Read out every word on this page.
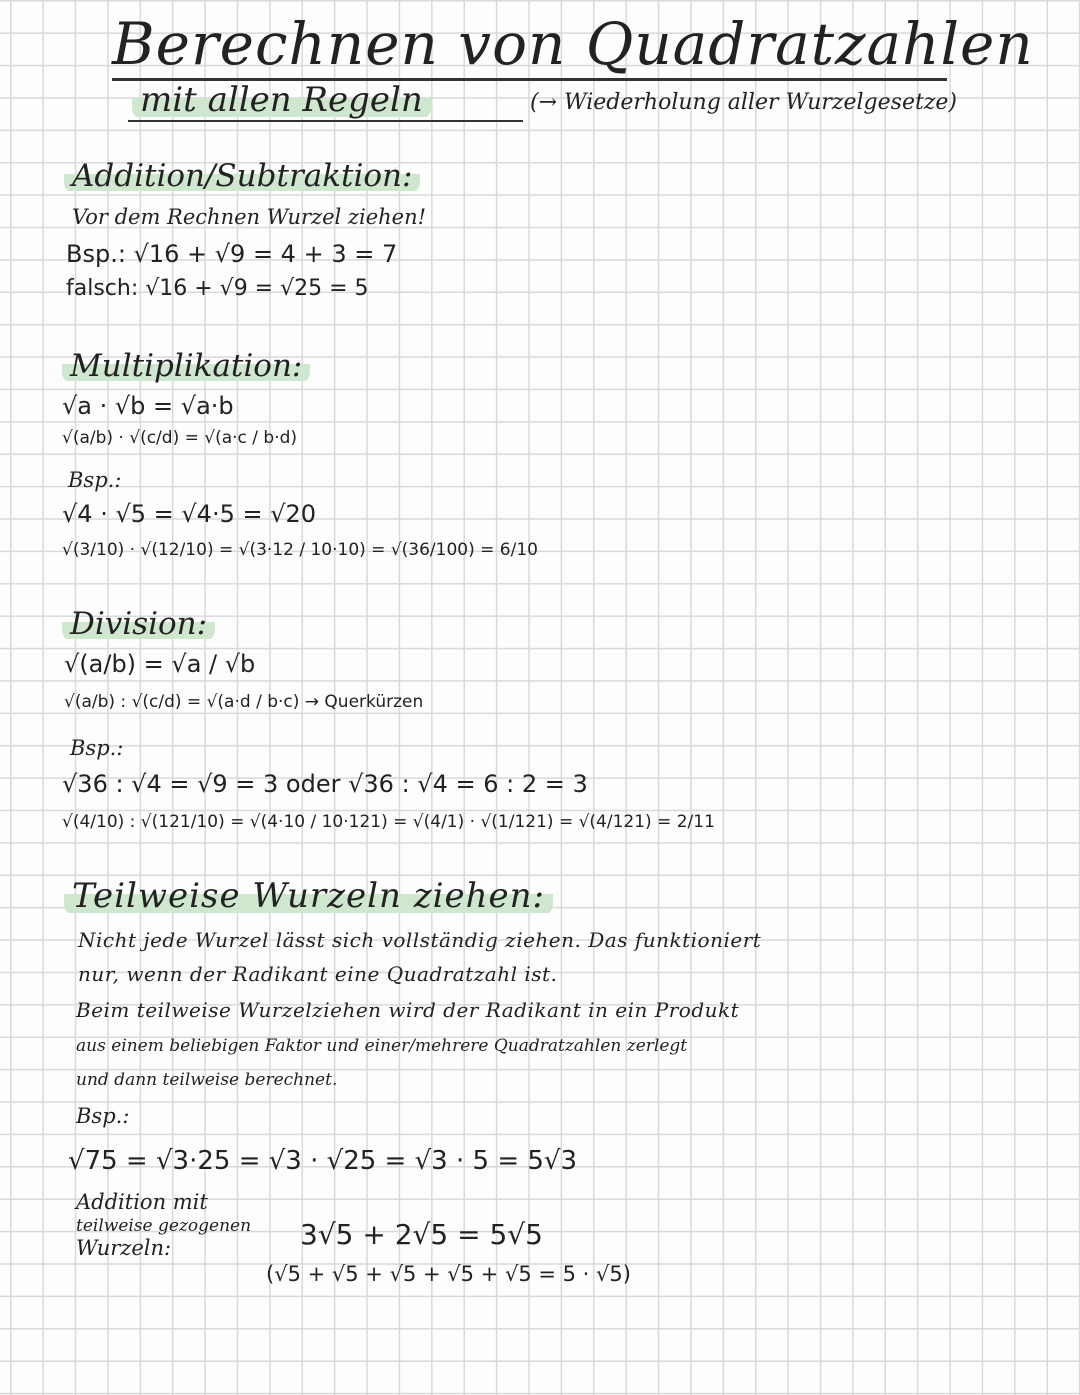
Berechnen von Quadratzahlen
mit allen Regeln	(→ Wiederholung aller Wurzelgesetze)
Addition/Subtraktion:
Vor dem Rechnen Wurzel ziehen!
Bsp.: √16 + √9 = 4 + 3 = 7
falsch: √16 + √9 = √25 = 5
Multiplikation:
√a · √b = √a·b
√(a/b) · √(c/d) = √(a·c / b·d)
Bsp.:
√4 · √5 = √4·5 = √20
√(3/10) · √(12/10) = √(3·12 / 10·10) = √(36/100) = 6/10
Division:
√(a/b) = √a / √b
√(a/b) : √(c/d) = √(a·d / b·c) → Querkürzen
Bsp.:
√36 : √4 = √9 = 3 oder √36 : √4 = 6 : 2 = 3
√(4/10) : √(121/10) = √(4·10 / 10·121) = √(4/1) · √(1/121) = √(4/121) = 2/11
Teilweise Wurzeln ziehen:
Nicht jede Wurzel lässt sich vollständig ziehen. Das funktioniert
nur, wenn der Radikant eine Quadratzahl ist.
Beim teilweise Wurzelziehen wird der Radikant in ein Produkt
aus einem beliebigen Faktor und einer/mehrere Quadratzahlen zerlegt
und dann teilweise berechnet.
Bsp.:
√75 = √3·25 = √3 · √25 = √3 · 5 = 5√3
Addition mit
teilweise gezogenen
Wurzeln:	3√5 + 2√5 = 5√5
(√5 + √5 + √5 + √5 + √5 = 5 · √5)
